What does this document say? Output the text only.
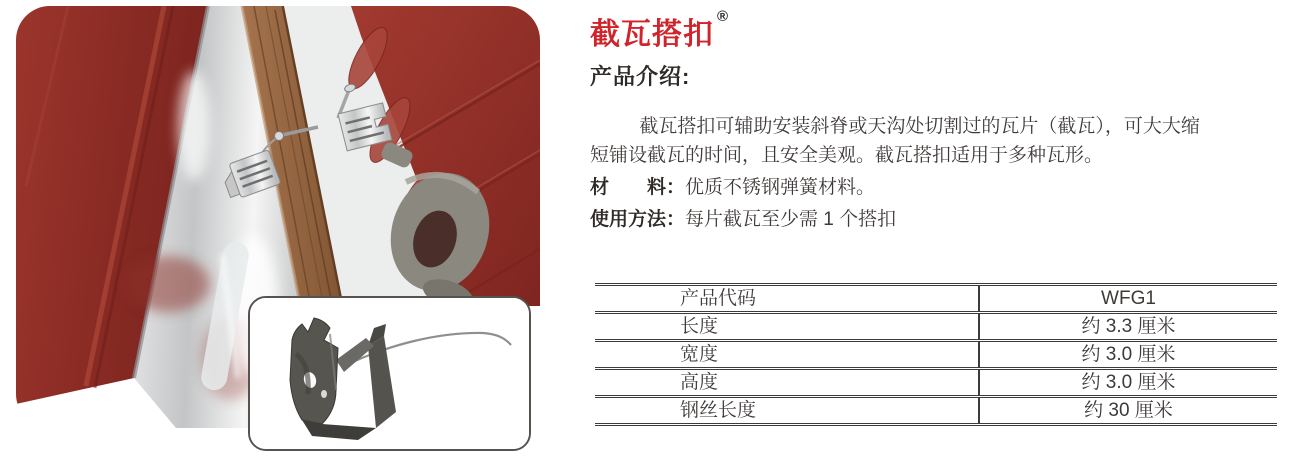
截瓦搭扣®
产品介绍:
截瓦搭扣可辅助安装斜脊或天沟处切割过的瓦片（截瓦），可大大缩
短铺设截瓦的时间，且安全美观。截瓦搭扣适用于多种瓦形。
材　　料：优质不锈钢弹簧材料。
使用方法：每片截瓦至少需 1 个搭扣
产品代码	WFG1
长度	约 3.3 厘米
宽度	约 3.0 厘米
高度	约 3.0 厘米
钢丝长度	约 30 厘米
